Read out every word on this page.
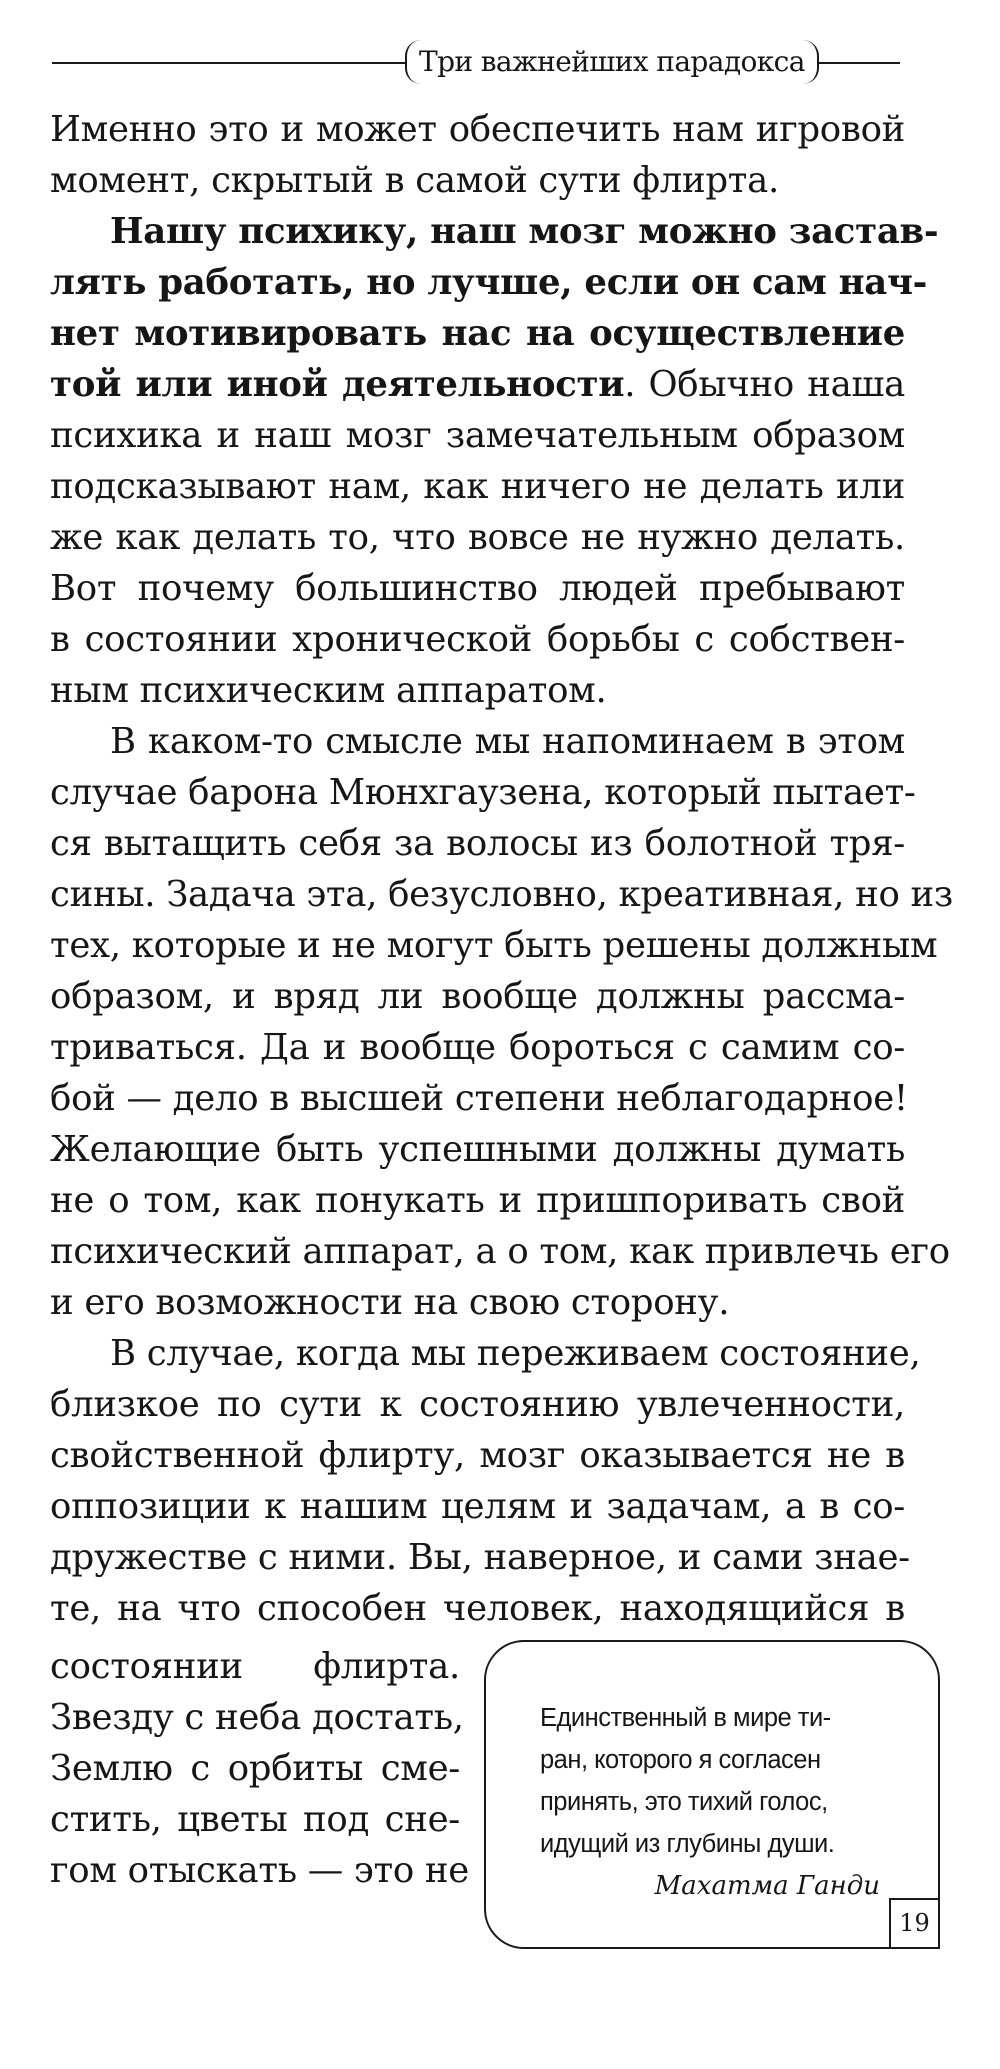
Три важнейших парадокса
Именно это и может обеспечить нам игровой
момент, скрытый в самой сути флирта.
Нашу психику, наш мозг можно застав-
лять работать, но лучше, если он сам нач-
нет мотивировать нас на осуществление
той или иной деятельности. Обычно наша
психика и наш мозг замечательным образом
подсказывают нам, как ничего не делать или
же как делать то, что вовсе не нужно делать.
Вот почему большинство людей пребывают
в состоянии хронической борьбы с собствен-
ным психическим аппаратом.
В каком-то смысле мы напоминаем в этом
случае барона Мюнхгаузена, который пытает-
ся вытащить себя за волосы из болотной тря-
сины. Задача эта, безусловно, креативная, но из
тех, которые и не могут быть решены должным
образом, и вряд ли вообще должны рассма-
триваться. Да и вообще бороться с самим со-
бой — дело в высшей степени неблагодарное!
Желающие быть успешными должны думать
не о том, как понукать и пришпоривать свой
психический аппарат, а о том, как привлечь его
и его возможности на свою сторону.
В случае, когда мы переживаем состояние,
близкое по сути к состоянию увлеченности,
свойственной флирту, мозг оказывается не в
оппозиции к нашим целям и задачам, а в со-
дружестве с ними. Вы, наверное, и сами знае-
те, на что способен человек, находящийся в
состоянии флирта.
Звезду с неба достать,
Землю с орбиты сме-
стить, цветы под сне-
гом отыскать — это не
Единственный в мире ти-
ран, которого я согласен
принять, это тихий голос,
идущий из глубины души.
Махатма Ганди
19
